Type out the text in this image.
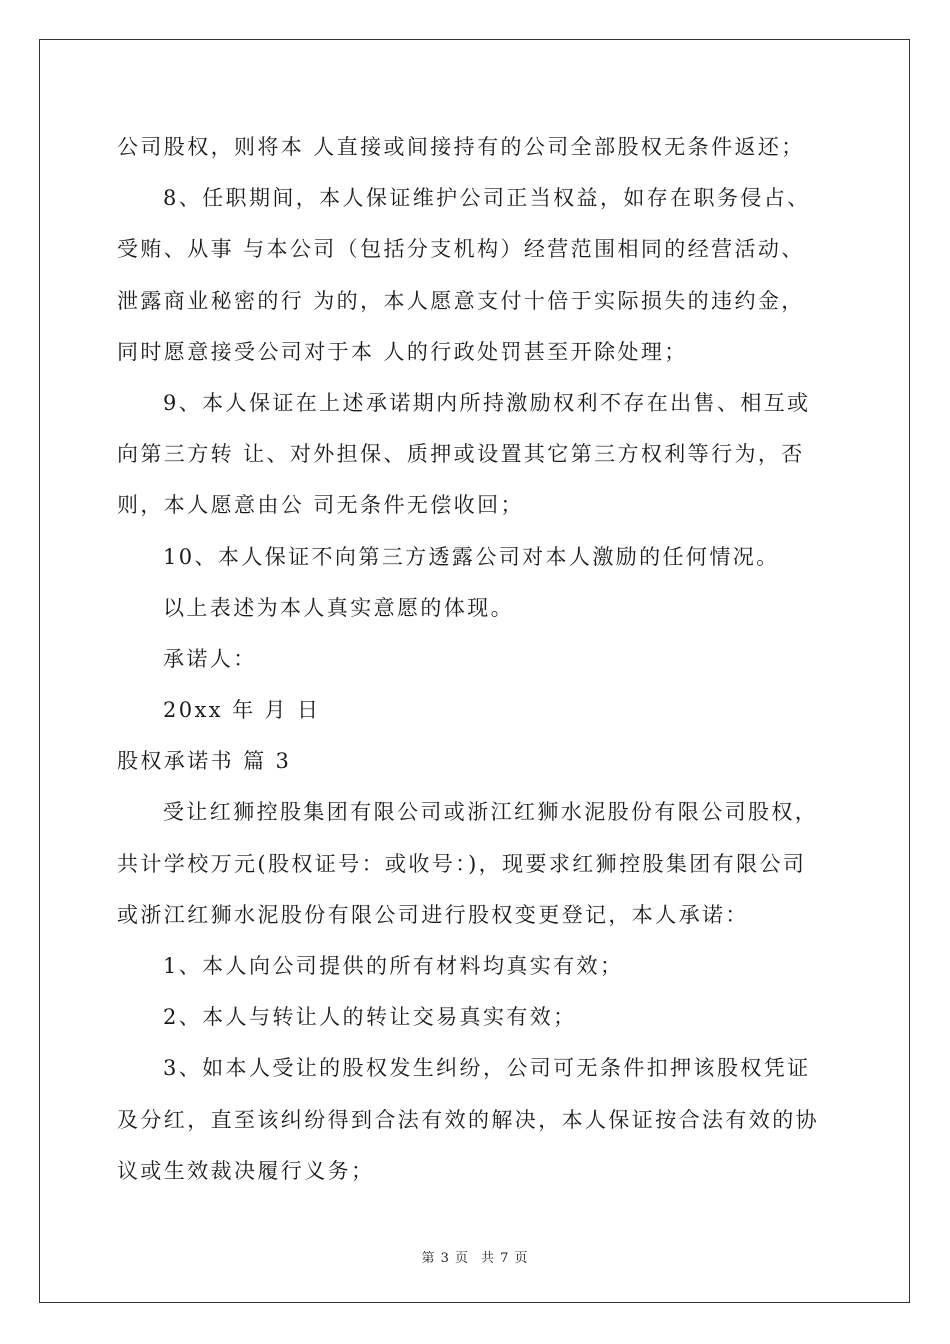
公司股权，则将本 人直接或间接持有的公司全部股权无条件返还；
8、任职期间，本人保证维护公司正当权益，如存在职务侵占、
受贿、从事 与本公司（包括分支机构）经营范围相同的经营活动、
泄露商业秘密的行 为的，本人愿意支付十倍于实际损失的违约金，
同时愿意接受公司对于本 人的行政处罚甚至开除处理；
9、本人保证在上述承诺期内所持激励权利不存在出售、相互或
向第三方转 让、对外担保、质押或设置其它第三方权利等行为，否
则，本人愿意由公 司无条件无偿收回；
10、本人保证不向第三方透露公司对本人激励的任何情况。
以上表述为本人真实意愿的体现。
承诺人：
20xx 年 月 日
股权承诺书 篇 3
受让红狮控股集团有限公司或浙江红狮水泥股份有限公司股权，
共计学校万元(股权证号：或收号：)，现要求红狮控股集团有限公司
或浙江红狮水泥股份有限公司进行股权变更登记，本人承诺：
1、本人向公司提供的所有材料均真实有效；
2、本人与转让人的转让交易真实有效；
3、如本人受让的股权发生纠纷，公司可无条件扣押该股权凭证
及分红，直至该纠纷得到合法有效的解决，本人保证按合法有效的协
议或生效裁决履行义务；
第 3 页 共 7 页
